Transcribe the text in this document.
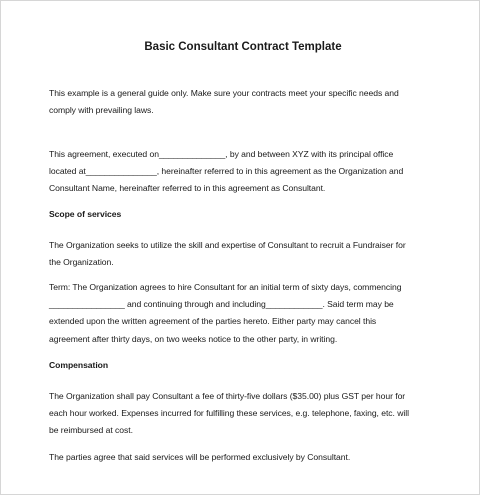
Basic Consultant Contract Template
This example is a general guide only. Make sure your contracts meet your specific needs and
comply with prevailing laws.
This agreement, executed on______________, by and between XYZ with its principal office
located at_______________, hereinafter referred to in this agreement as the Organization and
Consultant Name, hereinafter referred to in this agreement as Consultant.
Scope of services
The Organization seeks to utilize the skill and expertise of Consultant to recruit a Fundraiser for
the Organization.
Term: The Organization agrees to hire Consultant for an initial term of sixty days, commencing
________________ and continuing through and including____________. Said term may be
extended upon the written agreement of the parties hereto. Either party may cancel this
agreement after thirty days, on two weeks notice to the other party, in writing.
Compensation
The Organization shall pay Consultant a fee of thirty-five dollars ($35.00) plus GST per hour for
each hour worked. Expenses incurred for fulfilling these services, e.g. telephone, faxing, etc. will
be reimbursed at cost.
The parties agree that said services will be performed exclusively by Consultant.
